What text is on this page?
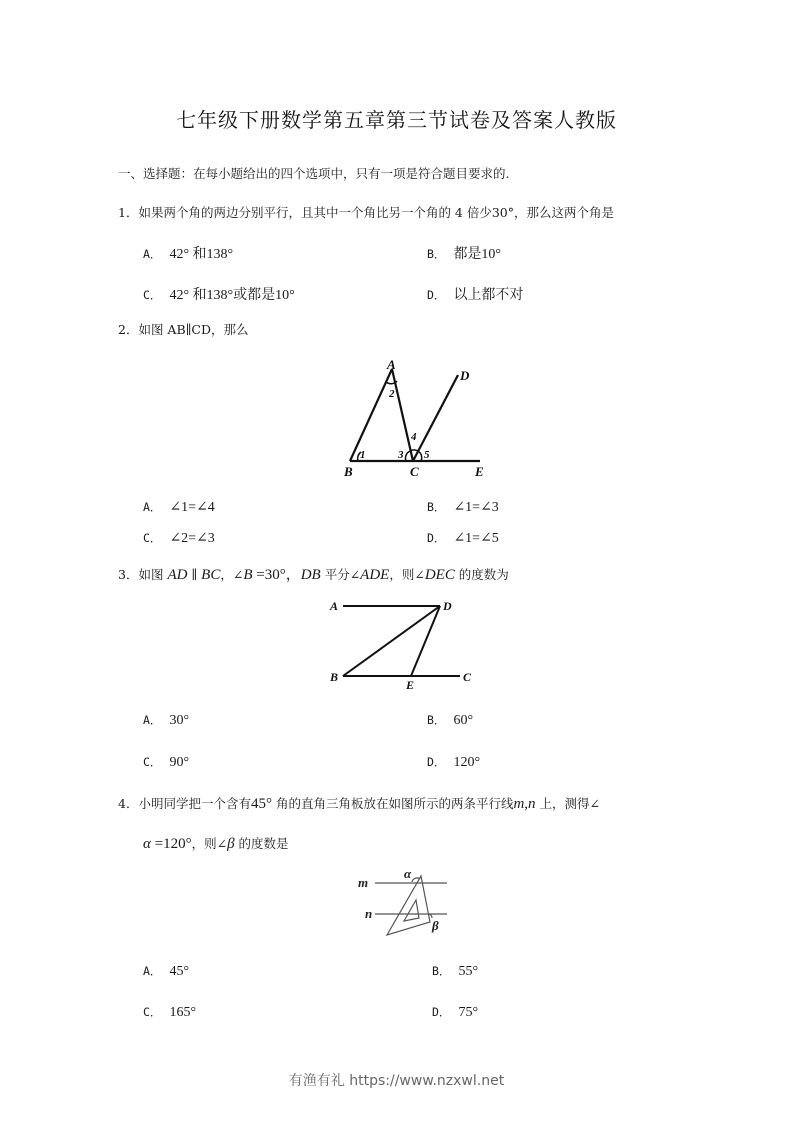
七年级下册数学第五章第三节试卷及答案人教版
一、选择题：在每小题给出的四个选项中，只有一项是符合题目要求的.
1．如果两个角的两边分别平行，且其中一个角比另一个角的 4 倍少30°，那么这两个角是
A． 42° 和138°	B． 都是10°
C． 42° 和138°或都是10°	D． 以上都不对
2．如图 AB∥CD，那么
A
B	C
D
E
1
2
3
4
5
A． ∠1=∠4	B． ∠1=∠3
C． ∠2=∠3	D． ∠1=∠5
3．如图 AD ∥ BC，∠B =30°，DB 平分∠ADE，则∠DEC 的度数为
A	D
B
E
C
A． 30°	B． 60°
C． 90°	D． 120°
4．小明同学把一个含有45° 角的直角三角板放在如图所示的两条平行线m,n 上，测得∠
α =120°，则∠β 的度数是
m
n
α
β
A． 45°	B． 55°
C． 165°	D． 75°
有渔有礼 https://www.nzxwl.net
